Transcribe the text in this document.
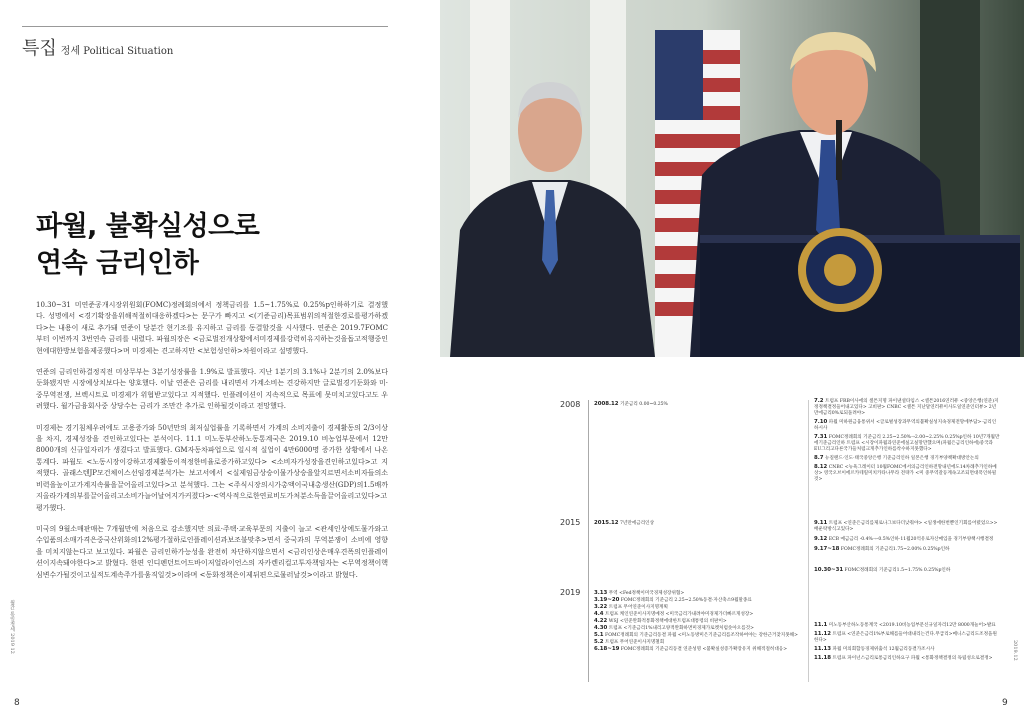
특집 정세 Political Situation
파월, 불확실성으로
연속 금리인하

10.30~31 미연준공개시장위원회(FOMC)정례회의에서 정책금리를 1.5~1.75%로 0.25%p인하하기로 결정했다. 성명에서 <경기확장을위해적절히대응하겠다>는 문구가 빠지고 <(기준금리)목표범위의적절한경로를평가하겠다>는 내용이 새로 추가돼 연준이 당분간 현기조를 유지하고 금리를 동결할것을 시사했다. 연준은 2019.7FOMC부터 이번까지 3번연속 금리를 내렸다. 파월의장은 <금로벌전개상황에서미경제를강력히유지하는것을돕고적행중인현에대한방보험을제공했다>며 미경제는 견고하지만 <보험성인하>차원이라고 설명했다.

연준의 금리인하결정직전 미상무부는 3분기성장률을 1.9%로 발표했다. 지난 1분기의 3.1%나 2분기의 2.0%보다 둔화됐지만 시장예상치보다는 양호했다. 이날 연준은 금리를 내리면서 가계소비는 견강하지만 글로벌경기둔화와 미·중무역전쟁, 브렉시트로 미경제가 위협받고있다고 지적했다. 인플레이션이 지속적으로 목표에 못미치고있다고도 우려했다. 월가금융회사중 상당수는 금리가 조만간 추가로 인하될것이라고 전망했다.

미경제는 경기침체우려에도 고용증가와 50년만의 최저실업률을 기록하면서 가계의 소비지출이 경제활동의 2/3이상을 차지, 경제성장을 견인하고있다는 분석이다. 11.1 미노동부산하노동통계국은 2019.10 비농업부문에서 12만8000개의 신규일자리가 생겼다고 발표했다. GM자동차파업으로 일시적 실업이 4만6000명 증가한 상황에서 나온 통계다. 파월도 <노동시장이강하고경제활동이적정한비율로증가하고있다> <소비자가성장을견인하고있다>고 지적했다. 골래스텐JP모건체이스선임경제분석가는 보고서에서 <실제임금상승이물가상승을앞지르면서소비자들의소비력을높이고가계지속률을끌어올리고있다>고 분석했다. 그는 <주식시장의시가총액이국내총생산(GDP)의1.5배까지올라가계의부를끌어올리고소비가늘어날여지가커졌다>·<역사적으로한연료비도가처분소득을끌어올리고있다>고 평가했다.

미국의 9월소매판매는 7개월만에 처음으로 감소했지만 의료·주택·교육부문의 지출이 늘고 <관세인상에도물가와고수입품의소매가격은중국산위화의12%평가절하로인플레이션과보조불맞추>면서 중국과의 무역분쟁이 소비에 영향을 미치지않는다고 보고있다. 파월은 금리인하가능성을 완전히 차단하지않으면서 <금리인상은매우견폭의인플레이션이지속돼야한다>고 밝혔다. 한편 인디펜던트어드바이저얼라이언스의 자카렌리컬고투자책임자는 <무역정책이핵심변수가될것이고실적도계속주가를움직일것>이라며 <동화정책은이제뒤편으로물러날것>이라고 밝혔다.

월간 통일정세 2019 12
8
2008	2008.12 기준금리 0.00~0.25%
2015	2015.12 7년만에금리인상
2019	3.13 무역 <Fed정책이미국경제성장위협>
3.19~20 FOMC정례회의 기준금리 2.25~2.50%동결·자산축소9월말종료
3.22 트럼프 무어연준이사지명계획
4.4 트럼프 케인연준이사지명예정 <미국금리가내려야미경제가더빠르게성장>
4.22 WSJ <연준완화적통화정책에대한트럼프대통령의 비판이>
4.30 트럼프 <기준금리1%내리고양적완화하면미경제가로켓처럼솟아오를것>
5.1 FOMC정례회의 기준금리동결 파월 <미노동방미은기준금리를조작하여야는 강한근거찾지못해>
5.2 트럼프 무어연준이사지명철회
6.18~19 FOMC정례회의 기준금리동결 연준성명 <불확실성증가확장유지 위해적절히대응>
7.2 트럼프 FRB이사에의 셀튼지명 파이낸셜타임스 <셀튼2016연러퓨 <중앙은행(연준)지정정책결정들어내고있다> 고비판> CNBC <셸튼 지난달연러퓨이사도일연준인터뷰> 2년만에금리0%로되돌려야>
7.10 파월 미하원금융통위서 <글로벌성장과무역의불확실성지속경제전망에부담>·금리인하시사
7.31 FOMC정례회의 기준금리 2.25~2.50%→2.00~2.25% 0.25%p인하 10년7개월만에기준금리인하 트럼프 <시장이파월과연준에실고실망만했으며(파월은금리인하에)중국과EU그리고다른국가들처럼크게추가인하를착수하지못했다>
8.7 뉴질랜드·인도·태국중앙은행 기준금리인하 일본은행 경기부양책확대방안논의
8.12 CNBC <뉴욕그레이터 10월FOMC에서의금리인하전망내년에도14차례추가인하예상> 영국오브이에르카테릴미치카타나무라 전략가 <미 중무역갈등계속고조되면대폭인하될것>
9.11 트럼프 <연준은금리를제로나그보다더낮춰야> <일생에한번뿐인기회를어렸었으>>배운락방식고있다>
9.12 ECB 예금금리 -0.4%→-0.5%인하·11월20억유로자산매입을 경기부양책시행결정
9.17~18 FOMC정례회의 기준금리1.75~2.00% 0.25%p인하
10.30~31 FOMC정례회의 기준금리1.5~1.75% 0.25%p인하
11.1 미노동부산하노동통계국 <2019.10비농업부문신규일자리12만 8000개늘어>발표
11.12 트럼프 <연준은금리1%부로해를들어대내리는건다.무급리>메니스금리도조정을원한다>
11.13 파월 미의회합동경제위출석 12월금리동결가조시사
11.18 트럼프 파이넌스금리로통금리인하요구 파월 <통화정책결정의 독립성으로결정>	2019.12
9
